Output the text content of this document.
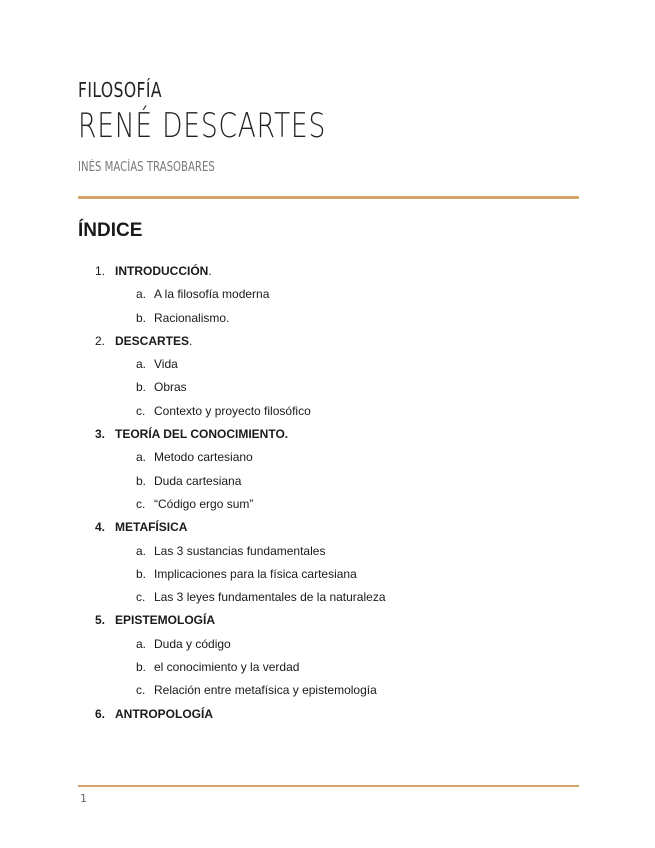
FILOSOFÍA
RENÉ DESCARTES
INÉS MACÍAS TRASOBARES
ÍNDICE
1. INTRODUCCIÓN.
a. A la filosofía moderna
b. Racionalismo.
2. DESCARTES.
a. Vida
b. Obras
c. Contexto y proyecto filosófico
3. TEORÍA DEL CONOCIMIENTO.
a. Metodo cartesiano
b. Duda cartesiana
c. “Código ergo sum”
4. METAFÍSICA
a. Las 3 sustancias fundamentales
b. Implicaciones para la física cartesiana
c. Las 3 leyes fundamentales de la naturaleza
5. EPISTEMOLOGÍA
a. Duda y código
b. el conocimiento y la verdad
c. Relación entre metafísica y epistemología
6. ANTROPOLOGÍA
1
